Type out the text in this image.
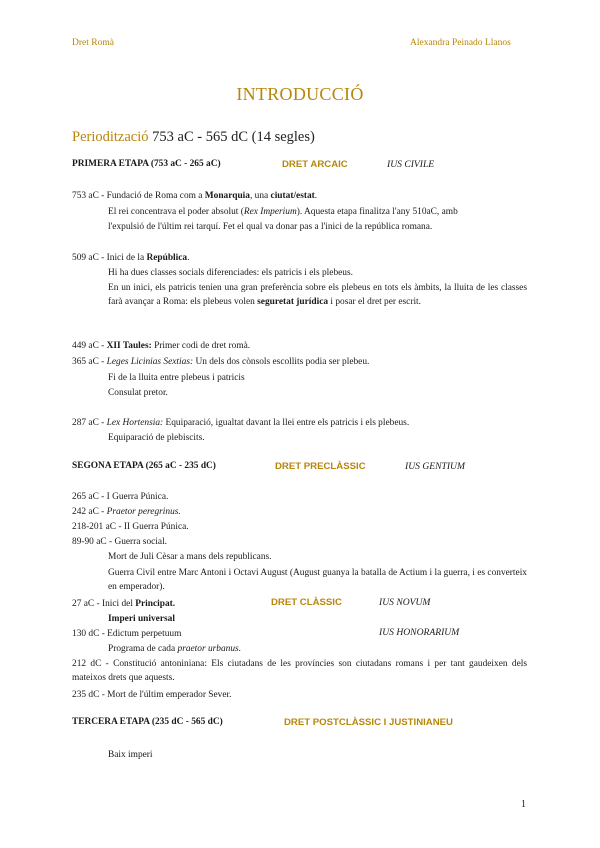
Dret Romà	Alexandra Peinado Llanos
INTRODUCCIÓ
Periodització 753 aC - 565 dC (14 segles)
PRIMERA ETAPA (753 aC - 265 aC)	DRET ARCAIC	IUS CIVILE
753 aC - Fundació de Roma com a Monarquia, una ciutat/estat.
El rei concentrava el poder absolut (Rex Imperium). Aquesta etapa finalitza l'any 510aC, amb
l'expulsió de l'últim rei tarquí. Fet el qual va donar pas a l'inici de la república romana.
509 aC - Inici de la República.
Hi ha dues classes socials diferenciades: els patricis i els plebeus.
En un inici, els patricis tenien una gran preferència sobre els plebeus en tots els àmbits, la lluita de les classes farà avançar a Roma: els plebeus volen seguretat jurídica i posar el dret per escrit.
449 aC - XII Taules: Primer codi de dret romà.
365 aC - Leges Licinias Sextias: Un dels dos cònsols escollits podia ser plebeu.
Fi de la lluita entre plebeus i patricis
Consulat pretor.
287 aC - Lex Hortensia: Equiparació, igualtat davant la llei entre els patricis i els plebeus.
Equiparació de plebiscits.
SEGONA ETAPA (265 aC - 235 dC)	DRET PRECLÀSSIC	IUS GENTIUM
265 aC - I Guerra Púnica.
242 aC - Praetor peregrinus.
218-201 aC - II Guerra Púnica.
89-90 aC - Guerra social.
Mort de Juli Cèsar a mans dels republicans.
Guerra Civil entre Marc Antoni i Octavi August (August guanya la batalla de Actium i la guerra, i es converteix en emperador).
27 aC - Inici del Principat.	DRET CLÀSSIC	IUS NOVUM
Imperi universal
130 dC - Edictum perpetuum	IUS HONORARIUM
Programa de cada praetor urbanus.
212 dC - Constitució antoniniana: Els ciutadans de les províncies son ciutadans romans i per tant gaudeixen dels mateixos drets que aquests.
235 dC - Mort de l'últim emperador Sever.
TERCERA ETAPA (235 dC - 565 dC)	DRET POSTCLÀSSIC I JUSTINIANEU
Baix imperi
1
